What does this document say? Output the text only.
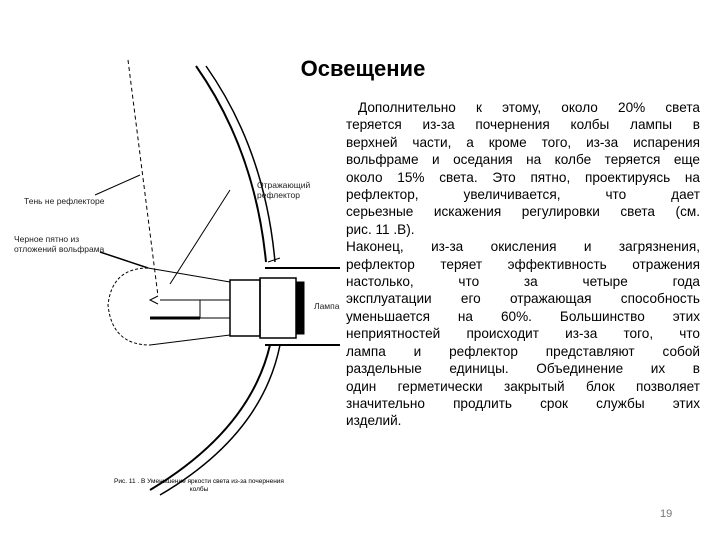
Освещение
Тень не рефлекторе
Отражающий
рефлектор
Черное пятно из
отложений вольфрама
Лампа
Рис. 11 . В Уменьшение яркости света из-за почернения
колбы
Дополнительно к этому, около 20% света
теряется из-за почернения колбы лампы в
верхней части, а кроме того, из-за испарения
вольфраме и оседания на колбе теряется еще
около 15% света. Это пятно, проектируясь на
рефлектор, увеличивается, что дает
серьезные искажения регулировки света (см.
рис. 11 .В).
Наконец, из-за окисления и загрязнения,
рефлектор теряет эффективность отражения
настолько, что за четыре года
эксплуатации его отражающая способность
уменьшается на 60%. Большинство этих
неприятностей происходит из-за того, что
лампа и рефлектор представляют собой
раздельные единицы. Объединение их в
один герметически закрытый блок позволяет
значительно продлить срок службы этих
изделий.
19
